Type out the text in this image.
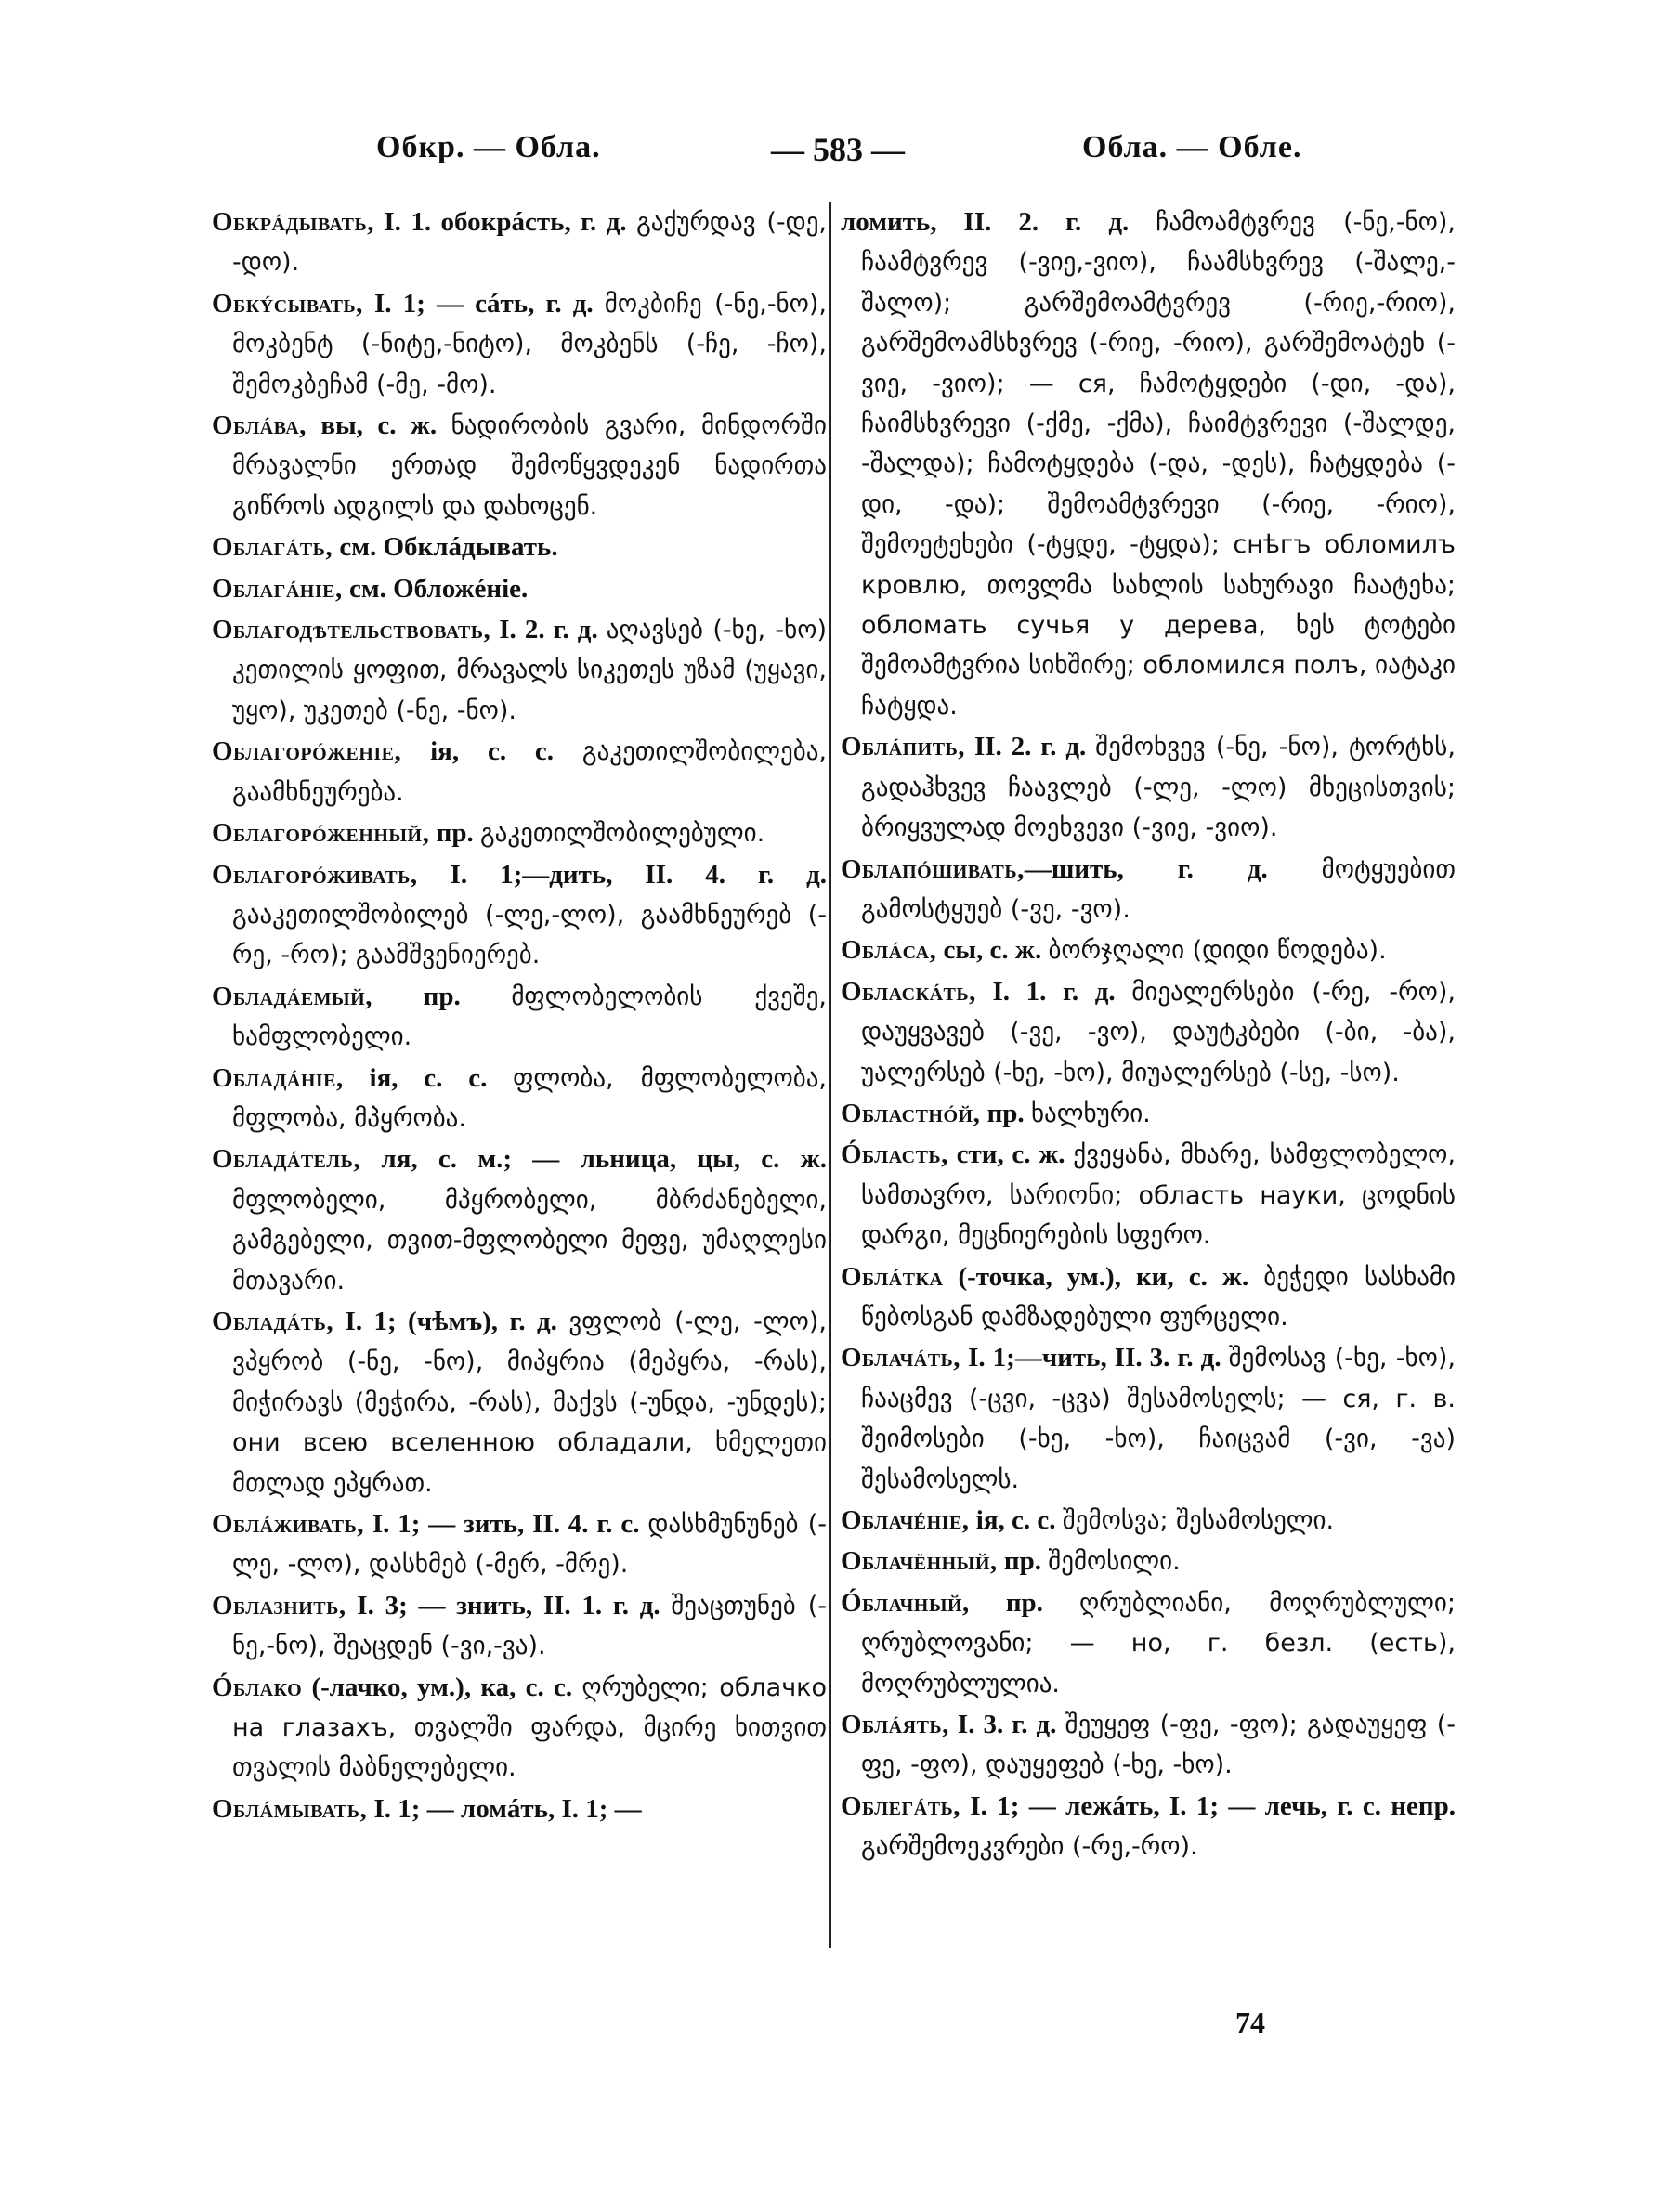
Обкр. — Обла.	— 583 —	Обла. — Обле.
Обкрáдывать, I. 1. обокрáсть, г. д. გაქურდავ (-დე, -დო).
Обкýсывать, I. 1; — сáть, г. д. მოკბიჩე (-ნე,-ნო), მოკბენტ (-ნიტე,-ნიტო), მოკბენს (-ჩე, -ჩო), შემოკბეჩამ (-მე, -მო).
Облáва, вы, с. ж. ნადირობის გვარი, მინდორში მრავალნი ერთად შემოწყვდეკენ ნადირთა გიწროს ადგილს და დახოცენ.
Облагáть, см. Обклáдывать.
Облагáніе, см. Обложéніе.
Облагодѣтельствовать, I. 2. г. д. აღავსებ (-ხე, -ხო) კეთილის ყოფით, მრავალს სიკეთეს უზამ (უყავი, უყო), უკეთებ (-ნე, -ნო).
Облагорóженіе, ія, с. с. გაკეთილშობილება, გაამხნეურება.
Облагорóженный, пр. გაკეთილშობილებული.
Облагорóживать, I. 1;—дить, II. 4. г. д. გააკეთილშობილებ (-ლე,-ლო), გაამხნეურებ (-რე, -რო); გაამშვენიერებ.
Обладáемый, пр. მფლობელობის ქვეშე, ხამფლობელი.
Обладáніе, ія, с. с. ფლობა, მფლობელობა, მფლობა, მპყრობა.
Обладáтель, ля, с. м.; — льница, цы, с. ж. მფლობელი, მპყრობელი, მბრძანებელი, გამგებელი, თვით-მფლობელი მეფე, უმაღლესი მთავარი.
Обладáть, I. 1; (чѣмъ), г. д. ვფლობ (-ლე, -ლო), ვპყრობ (-ნე, -ნო), მიპყრია (მეპყრა, -რას), მიჭირავს (მეჭირა, -რას), მაქვს (-უნდა, -უნდეს); они всею вселенною обладали, ხმელეთი მთლად ეპყრათ.
Облáживать, I. 1; — зить, II. 4. г. с. დასხმუნუნებ (-ლე, -ლო), დასხმებ (-მერ, -მრე).
Облазнить, I. 3; — знить, II. 1. г. д. შეაცთუნებ (-ნე,-ნო), შეაცდენ (-ვი,-ვა).
Óблако (-лачко, ум.), ка, с. с. ღრუბელი; облачко на глазахъ, თვალში ფარდა, მცირე ხითვით თვალის მაბნელებელი.
Облáмывать, I. 1; — ломáть, I. 1; —
ломить, II. 2. г. д. ჩამოამტვრევ (-ნე,-ნო), ჩაამტვრევ (-ვიე,-ვიო), ჩაამსხვრევ (-შალე,-შალო); გარშემოამტვრევ (-რიე,-რიო), გარშემოამსხვრევ (-რიე, -რიო), გარშემოატეხ (-ვიე, -ვიო); — ся, ჩამოტყდები (-დი, -და), ჩაიმსხვრევი (-ქმე, -ქმა), ჩაიმტვრევი (-შალდე, -შალდა); ჩამოტყდება (-და, -დეს), ჩატყდება (-დი, -და); შემოამტვრევი (-რიე, -რიო), შემოეტეხები (-ტყდე, -ტყდა); снѣгъ обломилъ кровлю, თოვლმა სახლის სახურავი ჩაატეხა; обломать сучья у дерева, ხეს ტოტები შემოამტვრია სიხშირე; обломился полъ, იატაკი ჩატყდა.
Облáпить, II. 2. г. д. შემოხვევ (-ნე, -ნო), ტორტხს, გადაჰხვევ ჩაავლებ (-ლე, -ლო) მხეცისთვის; ბრიყვულად მოეხვევი (-ვიე, -ვიო).
Облапóшивать,—шить, г. д. მოტყუებით გამოსტყუებ (-ვე, -ვო).
Облáса, сы, с. ж. ბორჯღალი (დიდი წოდება).
Обласкáть, I. 1. г. д. მიეალერსები (-რე, -რო), დაუყვავებ (-ვე, -ვო), დაუტკბები (-ბი, -ბა), უალერსებ (-ხე, -ხო), მიუალერსებ (-სე, -სო).
Областнóй, пр. ხალხური.
Óбласть, сти, с. ж. ქვეყანა, მხარე, სამფლობელო, სამთავრო, სარიონი; область науки, ცოდნის დარგი, მეცნიერების სფერო.
Облáтка (-точка, ум.), ки, с. ж. ბეჭედი სასხამი წებოსგან დამზადებული ფურცელი.
Облачáть, I. 1;—чить, II. 3. г. д. შემოსავ (-ხე, -ხო), ჩააცმევ (-ცვი, -ცვა) შესამოსელს; — ся, г. в. შეიმოსები (-ხე, -ხო), ჩაიცვამ (-ვი, -ვა) შესამოსელს.
Облачéніе, ія, с. с. შემოსვა; შესამოსელი.
Облачённый, пр. შემოსილი.
Óблачный, пр. ღრუბლიანი, მოღრუბლული; ღრუბლოვანი; — но, г. безл. (есть), მოღრუბლულია.
Облáять, I. 3. г. д. შეუყეფ (-ფე, -ფო); გადაუყეფ (-ფე, -ფო), დაუყეფებ (-ხე, -ხო).
Облегáть, I. 1; — лежáть, I. 1; — лечь, г. с. непр. გარშემოეკვრები (-რე,-რო).
74
